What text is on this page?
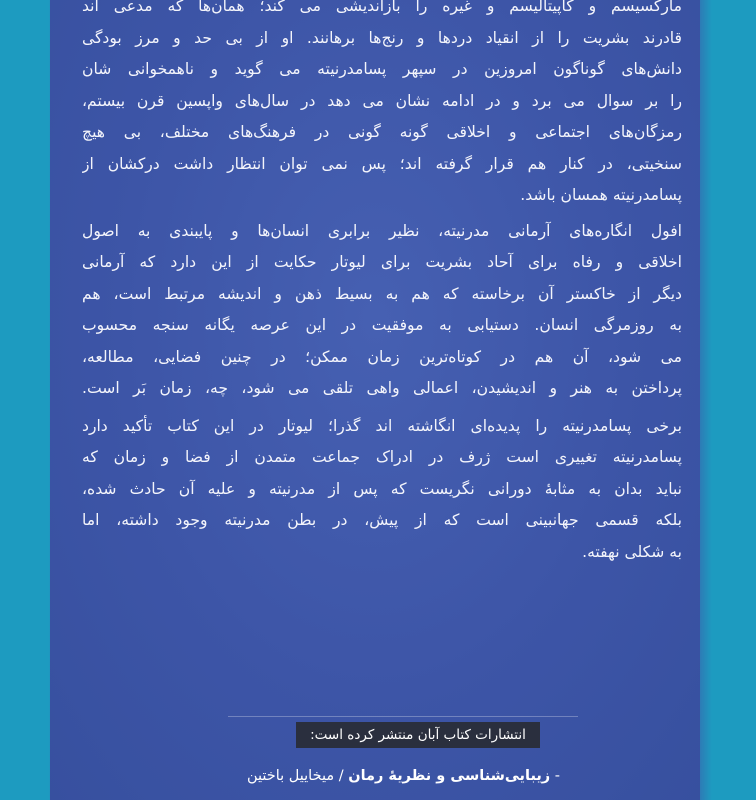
مارکسیسم و کاپیتالیسم و غیره را بازاندیشی می کند؛ همان‌ها که مدعی اند
قادرند بشریت را از انقیاد دردها و رنج‌ها برهانند. او از بی حد و مرز بودگی
دانش‌های گوناگون امروزین در سپهر پسامدرنیته می گوید و ناهمخوانی شان
را بر سوال می برد و در ادامه نشان می دهد در سال‌های واپسین قرن بیستم،
رمزگان‌های اجتماعی و اخلاقی گونه گونی در فرهنگ‌های مختلف، بی هیچ
سنخیتی، در کنار هم قرار گرفته اند؛ پس نمی توان انتظار داشت درکشان از
پسامدرنیته همسان باشد.
افول انگاره‌های آرمانی مدرنیته، نظیر برابری انسان‌ها و پایبندی به اصول
اخلاقی و رفاه برای آحاد بشریت برای لیوتار حکایت از این دارد که آرمانی
دیگر از خاکستر آن برخاسته که هم به بسیط ذهن و اندیشه مرتبط است، هم
به روزمرگی انسان. دستیابی به موفقیت در این عرصه یگانه سنجه محسوب
می شود، آن هم در کوتاه‌ترین زمان ممکن؛ در چنین فضایی، مطالعه،
پرداختن به هنر و اندیشیدن، اعمالی واهی تلقی می شود، چه، زمان بَر است.
برخی پسامدرنیته را پدیده‌ای انگاشته اند گذرا؛ لیوتار در این کتاب تأکید دارد
پسامدرنیته تغییری است ژرف در ادراک جماعت متمدن از فضا و زمان که
نباید بدان به مثابهٔ دورانی نگریست که پس از مدرنیته و علیه آن حادث شده،
بلکه قسمی جهانبینی است که از پیش، در بطن مدرنیته وجود داشته، اما
به شکلی نهفته.
انتشارات کتاب آبان منتشر کرده است:
- زیبایی‌شناسی و نظریهٔ رمان / میخاییل باختین
